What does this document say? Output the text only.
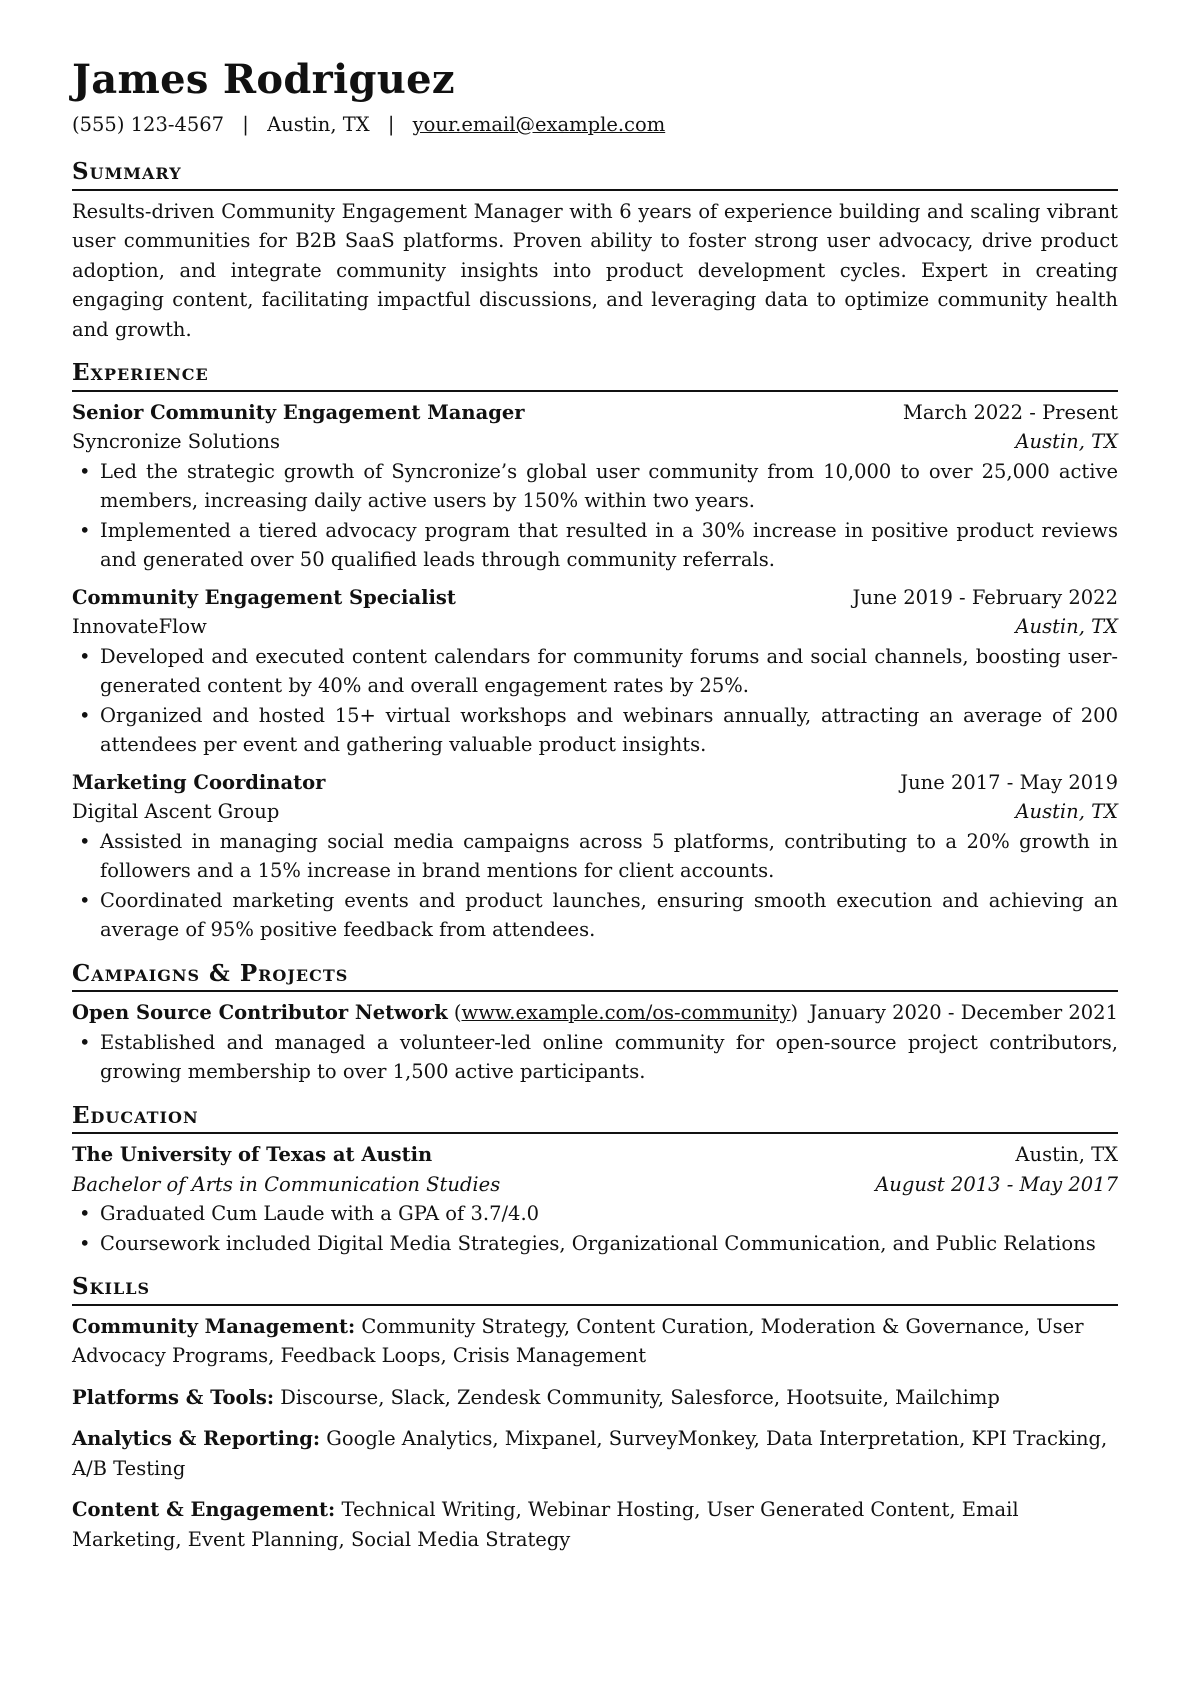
James Rodriguez
(555) 123-4567 | Austin, TX | your.email@example.com
Summary

Results-driven Community Engagement Manager with 6 years of experience building and scaling vibrant user communities for B2B SaaS platforms. Proven ability to foster strong user advocacy, drive product adoption, and integrate community insights into product development cycles. Expert in creating engaging content, facilitating impactful discussions, and leveraging data to optimize community health and growth.

Experience
Senior Community Engagement Manager	March 2022 - Present
Syncronize Solutions	Austin, TX
• Led the strategic growth of Syncronize’s global user community from 10,000 to over 25,000 active members, increasing daily active users by 150% within two years.
• Implemented a tiered advocacy program that resulted in a 30% increase in positive product reviews and generated over 50 qualified leads through community referrals.
Community Engagement Specialist	June 2019 - February 2022
InnovateFlow	Austin, TX
• Developed and executed content calendars for community forums and social channels, boosting user-generated content by 40% and overall engagement rates by 25%.
• Organized and hosted 15+ virtual workshops and webinars annually, attracting an average of 200 attendees per event and gathering valuable product insights.
Marketing Coordinator	June 2017 - May 2019
Digital Ascent Group	Austin, TX
• Assisted in managing social media campaigns across 5 platforms, contributing to a 20% growth in followers and a 15% increase in brand mentions for client accounts.
• Coordinated marketing events and product launches, ensuring smooth execution and achieving an average of 95% positive feedback from attendees.
Campaigns & Projects
Open Source Contributor Network (www.example.com/os-community) January 2020 - December 2021
• Established and managed a volunteer-led online community for open-source project contributors, growing membership to over 1,500 active participants.
Education
The University of Texas at Austin	Austin, TX
Bachelor of Arts in Communication Studies	August 2013 - May 2017
• Graduated Cum Laude with a GPA of 3.7/4.0
• Coursework included Digital Media Strategies, Organizational Communication, and Public Relations
Skills

Community Management: Community Strategy, Content Curation, Moderation & Governance, User Advocacy Programs, Feedback Loops, Crisis Management

Platforms & Tools: Discourse, Slack, Zendesk Community, Salesforce, Hootsuite, Mailchimp

Analytics & Reporting: Google Analytics, Mixpanel, SurveyMonkey, Data Interpretation, KPI Tracking, A/B Testing

Content & Engagement: Technical Writing, Webinar Hosting, User Generated Content, Email Marketing, Event Planning, Social Media Strategy
